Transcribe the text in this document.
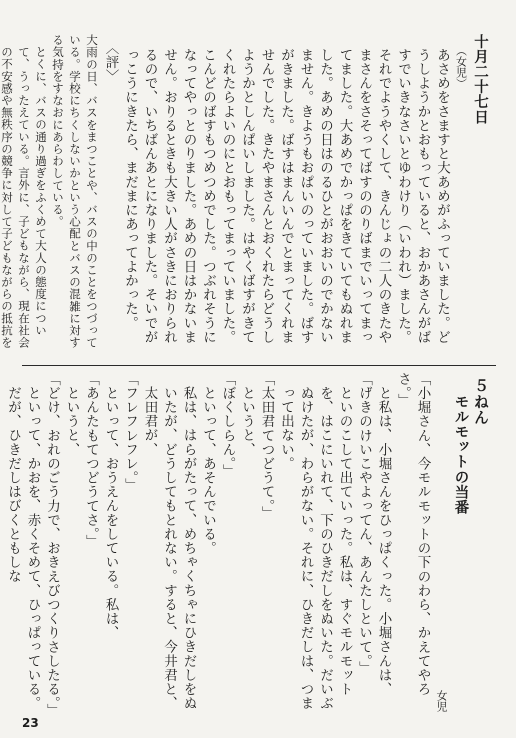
十月二十七日
（女児）
あさめをさますと大あめがふっていました。どうしようかとおもっていると、おかあさんがばすでいきなさいとゆわけり（いわれ）ました。それでようやくして、きんじょの二人のきたやまさんをさそってばすののりばまでいってまってました。大あめでかっぱをきていてもぬれました。あめの日はのるひとがおおいのでかないません。きようもおぱいのっていました。ばすがきました。ばすはまんいんでとまってくれませんでした。きたやまさんとおくれたらどうしようかとしんぱいしました。はやくばすがきてくれたらよいのにとおもってまっていました。こんどのばすもつめつめでした。つぶれそうになってやっとのりました。あめの日はかないません。おりるときも大きい人がさきにおりられるので、いちばんあとになりました。そいでがっこうにきたら、まだまにあってよかった。
〈評〉
大雨の日、バスをまつことや、バスの中のことをつづっている。学校にちくしないかという心配とバスの混雑に対する気持をすなおにあらわしている。
とくに、バスの通り過ぎをふくめて大人の態度について、うったえている。言外に、子どもながら、現在社会の不安感や無秩序の競争に対して子どもながらの抵抗を
５ねん
モルモットの当番
女児
「小堀さん、今モルモットの下のわら、かえてやろさ。」
と私は、小堀さんをひっぱくった。小堀さんは、
「げきのけいこやよってん、あんたしといて。」
といのこして出ていった。私は、すぐモルモットを、はこにいれて、下のひきだしをぬいた。だいぶぬけたが、わらがない。それに、ひきだしは、つまって出ない。
「太田君てつどうて。」
というと、
「ぼくしらん。」
といって、あそんでいる。
私は、はらがたって、めちゃくちゃにひきだしをぬいたが、どうしてもとれない。すると、今井君と、太田君が、
「フレフレフレ。」
といって、おうえんをしている。私は、
「あんたもてつどうてさ。」
というと、
「どけ、おれのごう力で、おきえびつくりさしたる。」
といって、かおを、赤くそめて、ひっぱっている。だが、ひきだしはびくともしな
23
